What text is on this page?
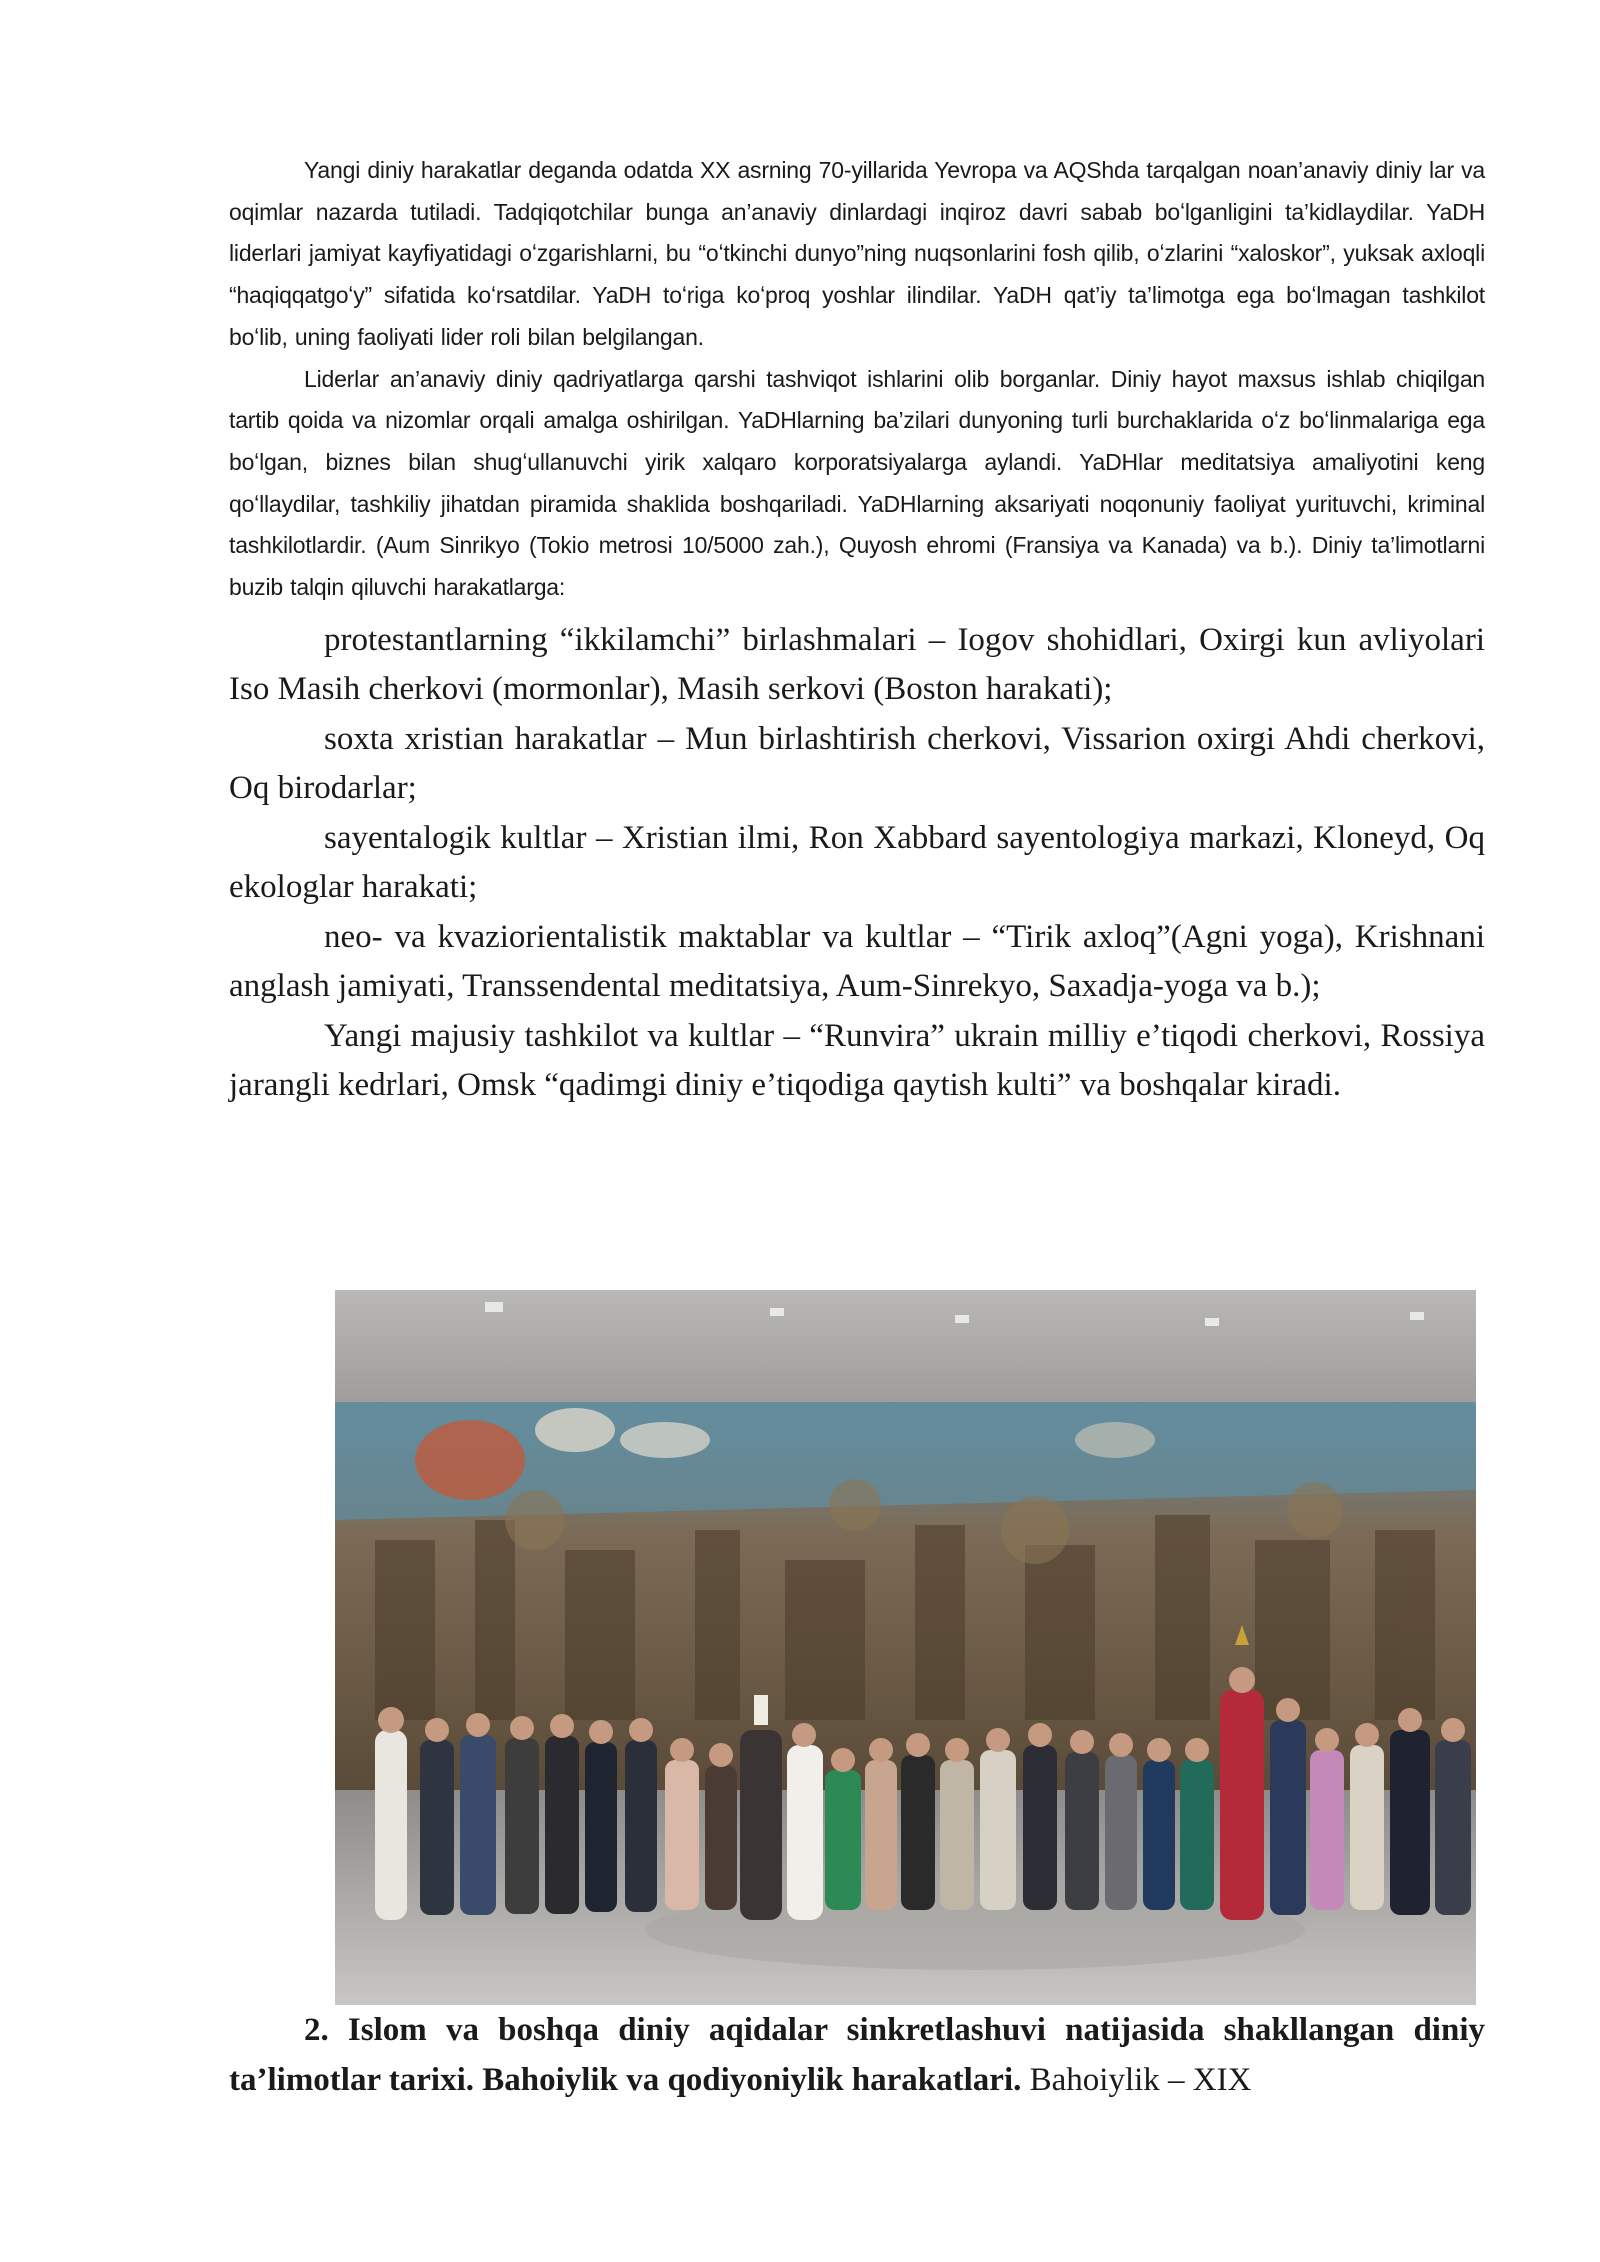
Yangi diniy harakatlar deganda odatda XX asrning 70-yillarida Yevropa va AQShda tarqalgan noan’anaviy diniy lar va oqimlar nazarda tutiladi. Tadqiqotchilar bunga an’anaviy dinlardagi inqiroz davri sabab boʻlganligini ta’kidlaydilar. YaDH liderlari jamiyat kayfiyatidagi oʻzgarishlarni, bu “oʻtkinchi dunyo”ning nuqsonlarini fosh qilib, oʻzlarini “xaloskor”, yuksak axloqli “haqiqqatgoʻy” sifatida koʻrsatdilar. YaDH toʻriga koʻproq yoshlar ilindilar. YaDH qat’iy ta’limotga ega boʻlmagan tashkilot boʻlib, uning faoliyati lider roli bilan belgilangan.

Liderlar an’anaviy diniy qadriyatlarga qarshi tashviqot ishlarini olib borganlar. Diniy hayot maxsus ishlab chiqilgan tartib qoida va nizomlar orqali amalga oshirilgan. YaDHlarning ba’zilari dunyoning turli burchaklarida oʻz boʻlinmalariga ega boʻlgan, biznes bilan shugʻullanuvchi yirik xalqaro korporatsiyalarga aylandi. YaDHlar meditatsiya amaliyotini keng qoʻllaydilar, tashkiliy jihatdan piramida shaklida boshqariladi. YaDHlarning aksariyati noqonuniy faoliyat yurituvchi, kriminal tashkilotlardir. (Aum Sinrikyo (Tokio metrosi 10/5000 zah.), Quyosh ehromi (Fransiya va Kanada) va b.). Diniy ta’limotlarni buzib talqin qiluvchi harakatlarga:

protestantlarning “ikkilamchi” birlashmalari – Iogov shohidlari, Oxirgi kun avliyolari Iso Masih cherkovi (mormonlar), Masih serkovi (Boston harakati);

soxta xristian harakatlar – Mun birlashtirish cherkovi, Vissarion oxirgi Ahdi cherkovi, Oq birodarlar;

sayentalogik kultlar – Xristian ilmi, Ron Xabbard sayentologiya markazi, Kloneyd, Oq ekologlar harakati;

neo- va kvaziorientalistik maktablar va kultlar – “Tirik axloq”(Agni yoga), Krishnani anglash jamiyati, Transsendental meditatsiya, Aum-Sinrekyo, Saxadja-yoga va b.);

Yangi majusiy tashkilot va kultlar – “Runvira” ukrain milliy e’tiqodi cherkovi, Rossiya jarangli kedrlari, Omsk “qadimgi diniy e’tiqodiga qaytish kulti” va boshqalar kiradi.

2. Islom va boshqa diniy aqidalar sinkretlashuvi natijasida shakllangan diniy ta’limotlar tarixi. Bahoiylik va qodiyoniylik harakatlari. Bahoiylik – XIX
